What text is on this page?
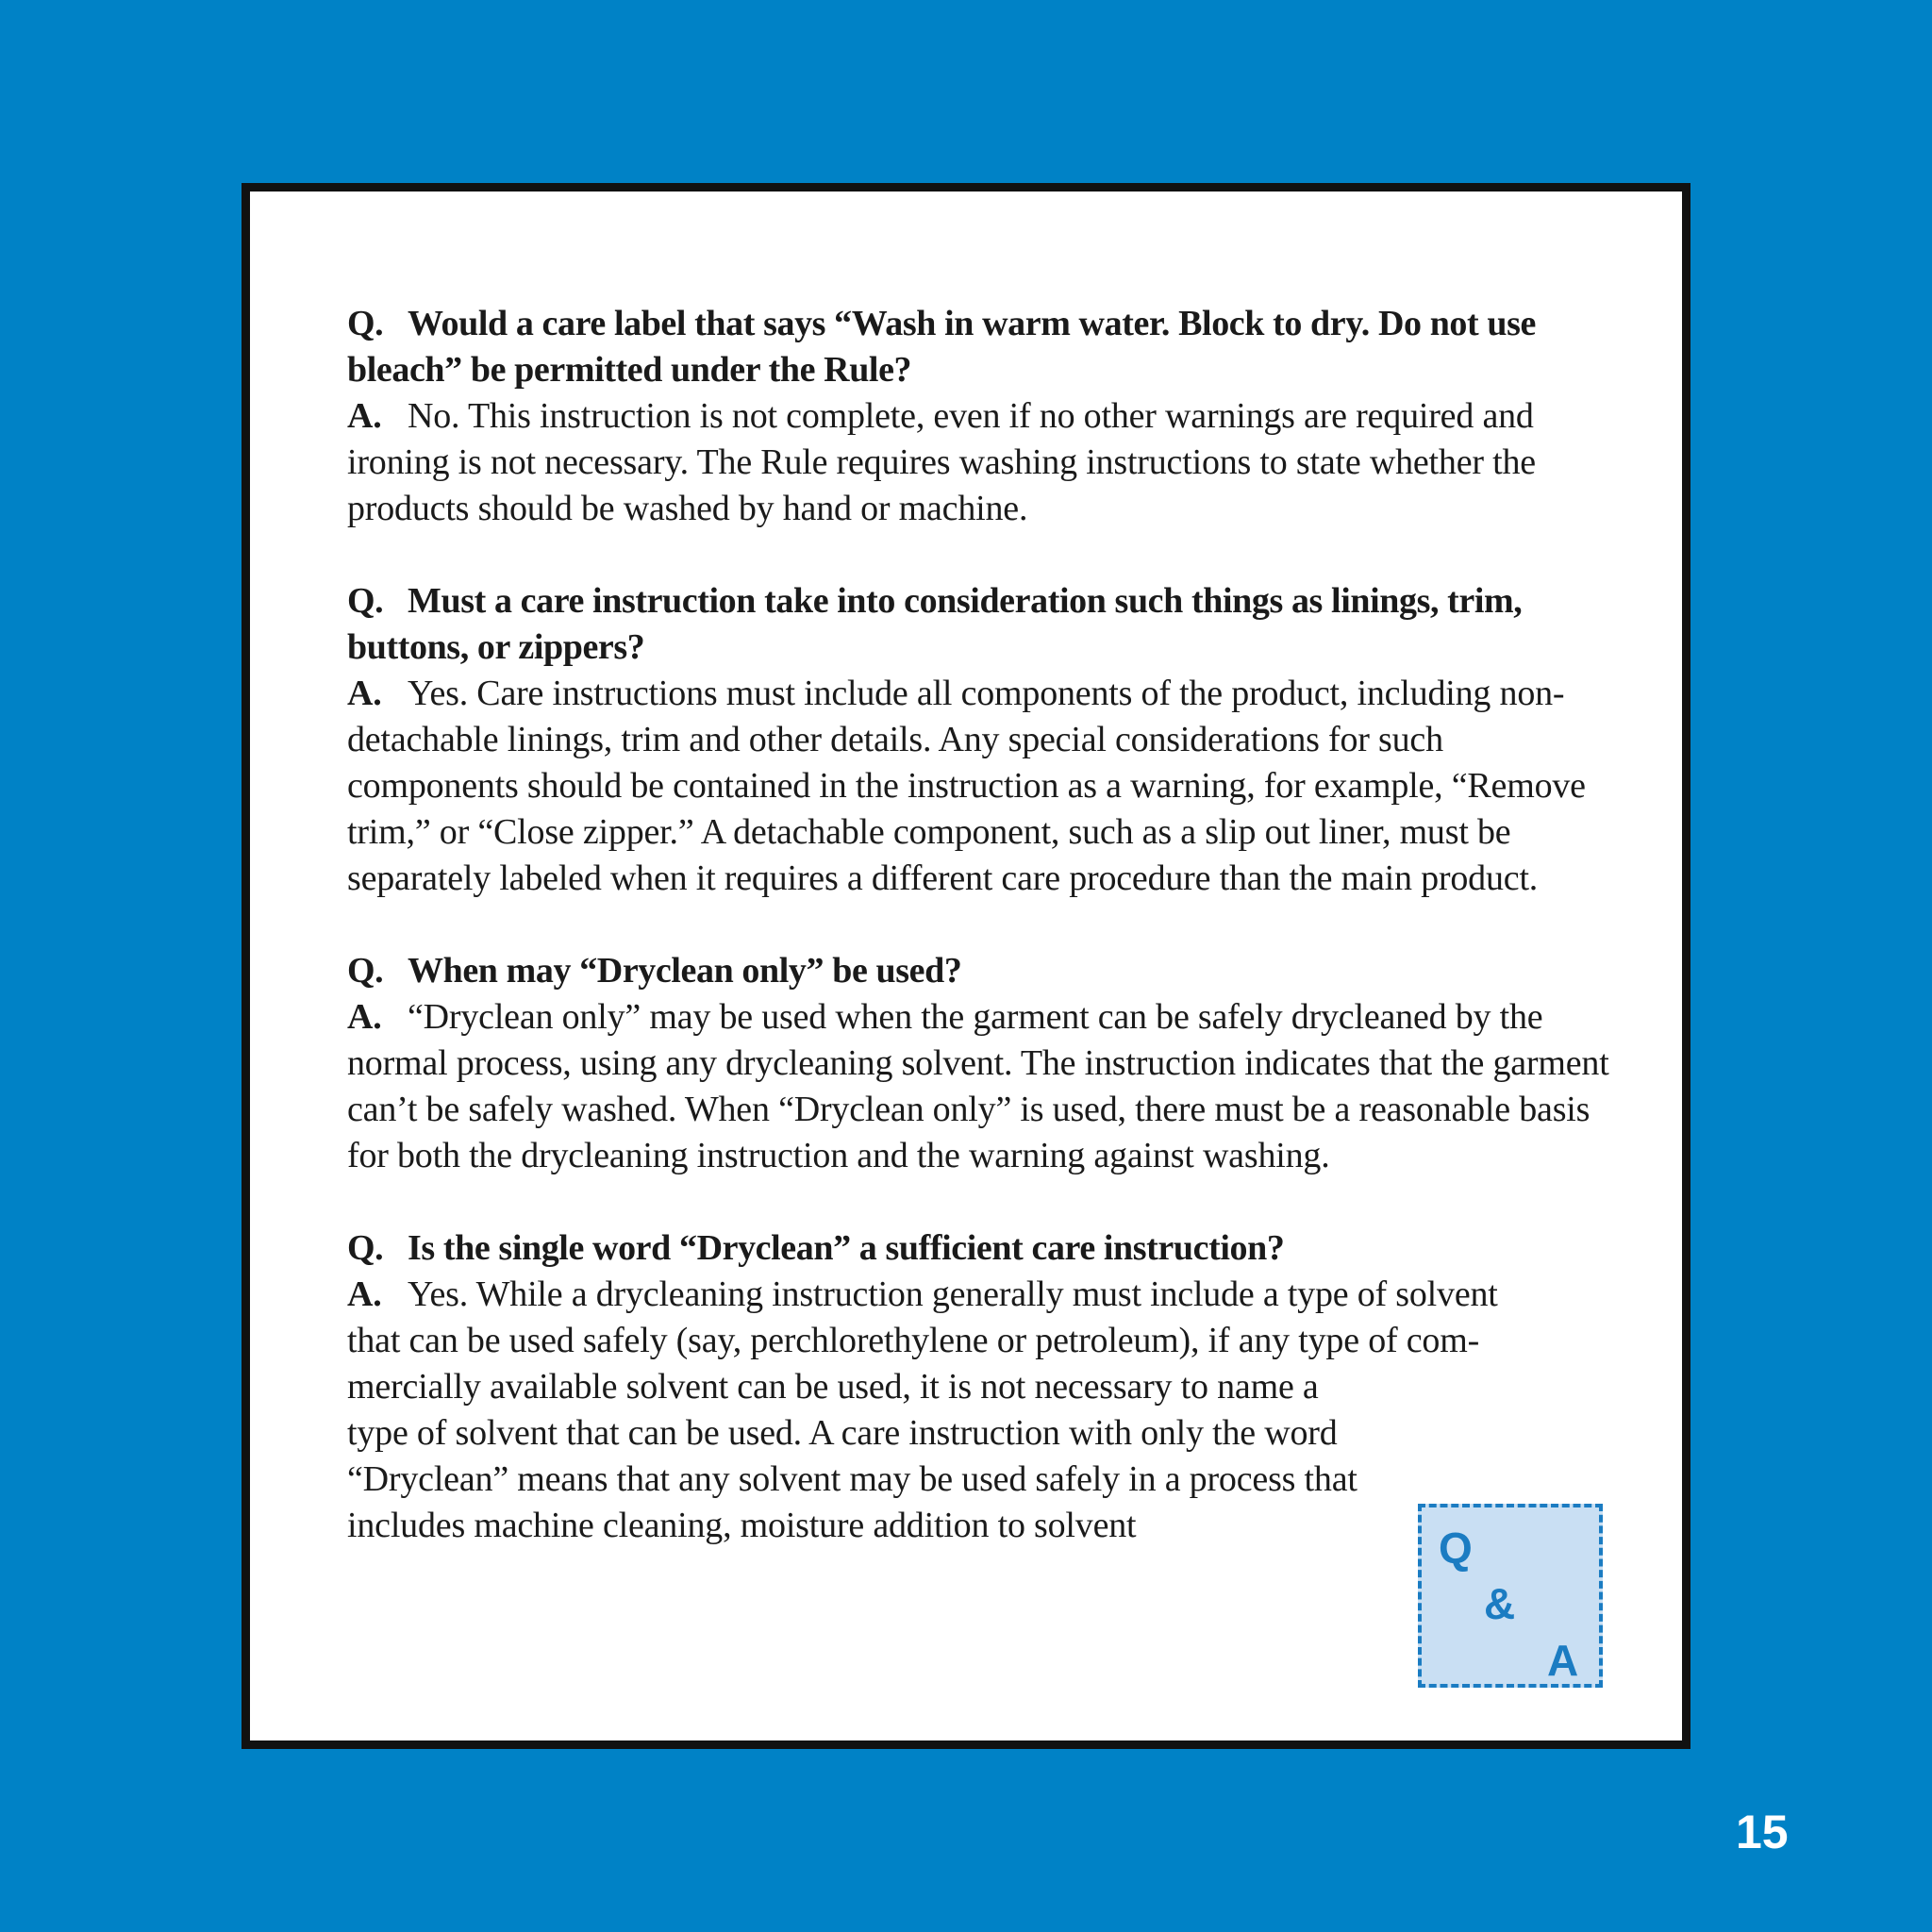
Q. Would a care label that says “Wash in warm water. Block to dry. Do not use bleach” be permitted under the Rule?

A. No. This instruction is not complete, even if no other warnings are required and ironing is not necessary. The Rule requires washing instructions to state whether the products should be washed by hand or machine.

Q. Must a care instruction take into consideration such things as linings, trim, buttons, or zippers?

A. Yes. Care instructions must include all components of the product, including non-detachable linings, trim and other details. Any special considerations for such components should be contained in the instruction as a warning, for example, “Remove trim,” or “Close zipper.” A detachable component, such as a slip out liner, must be separately labeled when it requires a different care procedure than the main product.

Q. When may “Dryclean only” be used?

A. “Dryclean only” may be used when the garment can be safely drycleaned by the normal process, using any drycleaning solvent. The instruction indicates that the garment can’t be safely washed. When “Dryclean only” is used, there must be a reasonable basis for both the drycleaning instruction and the warning against washing.

Q. Is the single word “Dryclean” a sufficient care instruction?

A. Yes. While a drycleaning instruction generally must include a type of solvent
that can be used safely (say, perchlorethylene or petroleum), if any type of com-
mercially available solvent can be used, it is not necessary to name a type of solvent that can be used. A care instruction with only the word “Dryclean” means that any solvent may be used safely in a process that includes machine cleaning, moisture addition to solvent	Q
&
A
15
